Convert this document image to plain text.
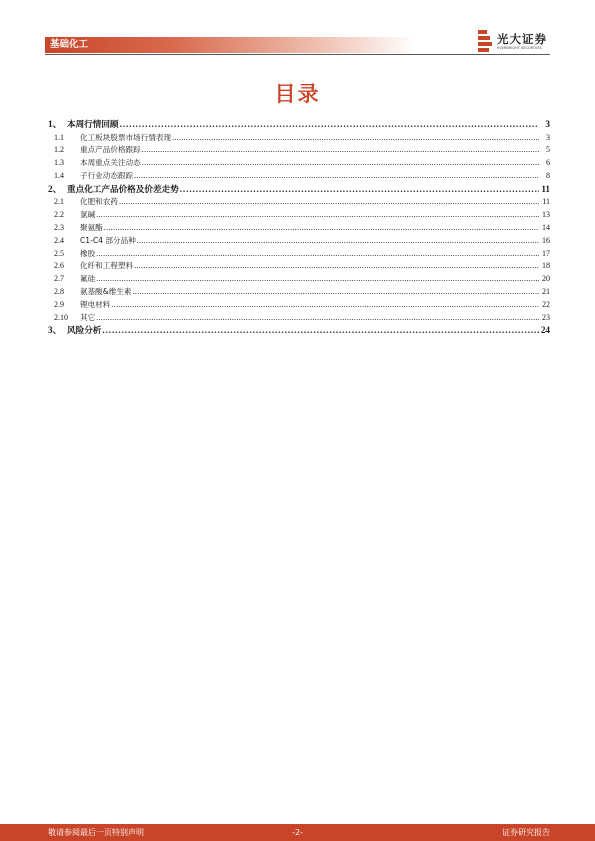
基础化工	光大证券
EVERBRIGHT SECURITIES
目录
1、 本周行情回顾 .....	3
1.1	化工板块股票市场行情表现 .....	3
1.2	重点产品价格跟踪 .....	5
1.3	本周重点关注动态 .....	6
1.4	子行业动态跟踪 .....	8
2、 重点化工产品价格及价差走势 .....	11
2.1	化肥和农药 .....	11
2.2	氯碱 .....	13
2.3	聚氨酯 .....	14
2.4	C1-C4 部分品种 .....	16
2.5	橡胶 .....	17
2.6	化纤和工程塑料 .....	18
2.7	氟硅 .....	20
2.8	氨基酸&维生素 .....	21
2.9	锂电材料 .....	22
2.10	其它 .....	23
3、 风险分析 .....	24
敬请参阅最后一页特别声明	-2-	证券研究报告
